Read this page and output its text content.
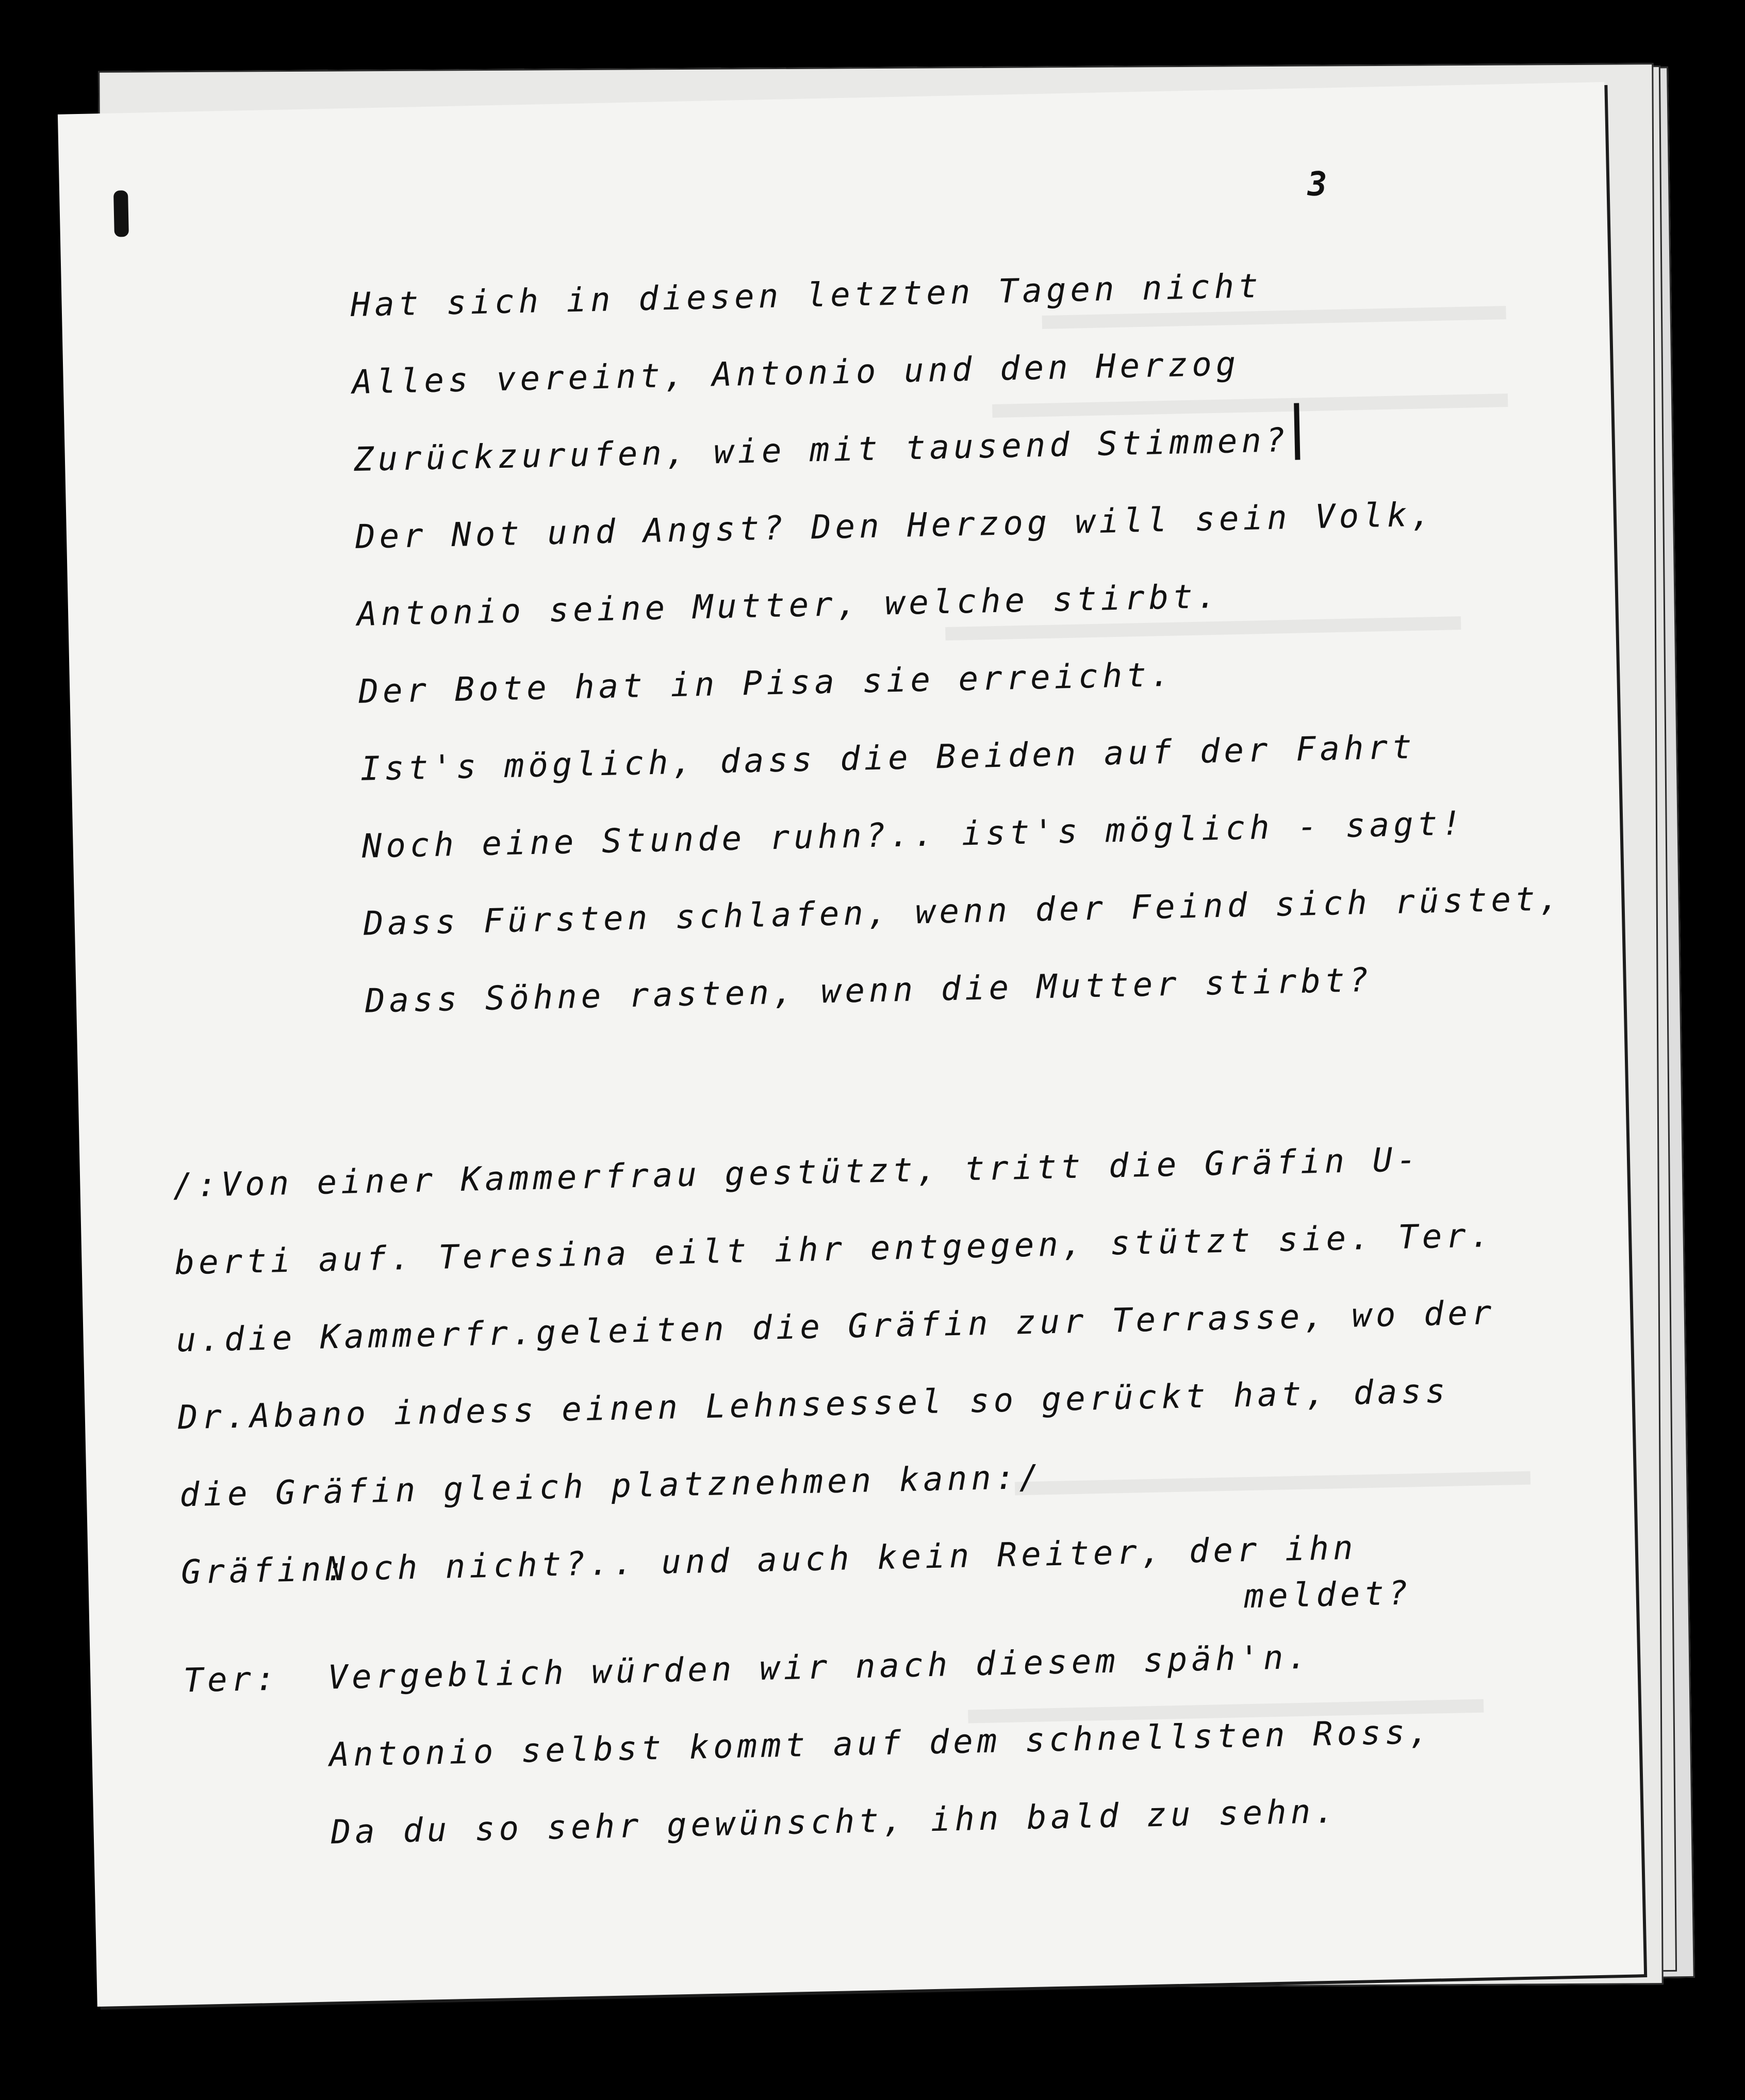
3
Hat sich in diesen letzten Tagen nicht
Alles vereint, Antonio und den Herzog
Zurückzurufen, wie mit tausend Stimmen?
Der Not und Angst? Den Herzog will sein Volk,
Antonio seine Mutter, welche stirbt.
Der Bote hat in Pisa sie erreicht.
Ist's möglich, dass die Beiden auf der Fahrt
Noch eine Stunde ruhn?.. ist's möglich - sagt!
Dass Fürsten schlafen, wenn der Feind sich rüstet,
Dass Söhne rasten, wenn die Mutter stirbt?
/:Von einer Kammerfrau gestützt, tritt die Gräfin U-
berti auf. Teresina eilt ihr entgegen, stützt sie. Ter.
u.die Kammerfr.geleiten die Gräfin zur Terrasse, wo der
Dr.Abano indess einen Lehnsessel so gerückt hat, dass
die Gräfin gleich platznehmen kann:/
Gräfin:Noch nicht?.. und auch kein Reiter, der ihn
meldet?
Ter: Vergeblich würden wir nach diesem späh'n.
Antonio selbst kommt auf dem schnellsten Ross,
Da du so sehr gewünscht, ihn bald zu sehn.
